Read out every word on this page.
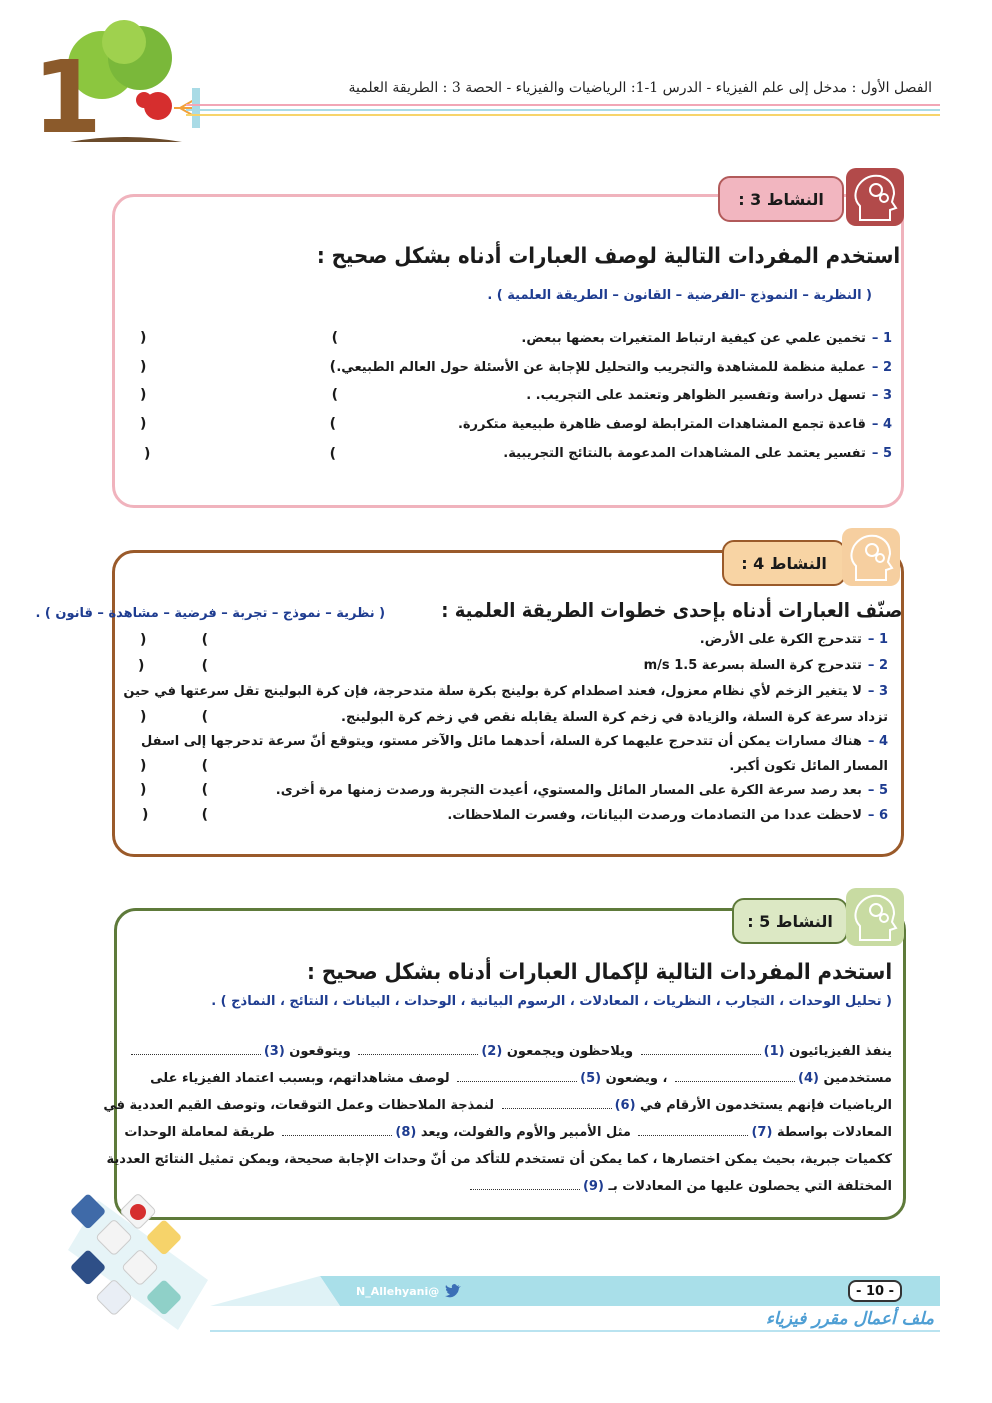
1	الفصل الأول : مدخل إلى علم الفيزياء - الدرس 1-1: الرياضيات والفيزياء - الحصة 3 : الطريقة العلمية
النشاط 3 :
استخدم المفردات التالية لوصف العبارات أدناه بشكل صحيح :
( النظرية – النموذج –الفرضية – القانون – الطريقة العلمية ) .
1 –تخمين علمي عن كيفية ارتباط المتغيرات بعضها ببعض.
2 –عملية منظمة للمشاهدة والتجريب والتحليل للإجابة عن الأسئلة حول العالم الطبيعي.
3 –تسهل دراسة وتفسير الظواهر وتعتمد على التجريب. .
4 –قاعدة تجمع المشاهدات المترابطة لوصف ظاهرة طبيعية متكررة.
5 –تفسير يعتمد على المشاهدات المدعومة بالنتائج التجريبية.
)
(
)
(
)
(
)
(
)
(
النشاط 4 :
صنّف العبارات أدناه بإحدى خطوات الطريقة العلمية : ( نظرية – نموذج – تجربة – فرضية – مشاهدة – قانون ) .
1 –تتدحرج الكرة على الأرض.
2 –تتدحرج كرة السلة بسرعة 1.5 m/s
3 –لا يتغير الزخم لأي نظام معزول، فعند اصطدام كرة بولينج بكرة سلة متدحرجة، فإن كرة البولينج تقل سرعتها في حين
تزداد سرعة كرة السلة، والزيادة في زخم كرة السلة يقابله نقص في زخم كرة البولينج.
4 –هناك مسارات يمكن أن تتدحرج عليهما كرة السلة، أحدهما مائل والآخر مستو، ويتوقع أنّ سرعة تدحرجها إلى اسفل
المسار المائل تكون أكبر.
5 –بعد رصد سرعة الكرة على المسار المائل والمستوي، أعيدت التجربة ورصدت زمنها مرة أخرى.
6 –لاحظت عددا من التصادمات ورصدت البيانات، وفسرت الملاحظات.
)
(
)
(
)
(
)
(
)
(
)
(
النشاط 5 :
استخدم المفردات التالية لإكمال العبارات أدناه بشكل صحيح :
( تحليل الوحدات ، التجارب ، النظريات ، المعادلات ، الرسوم البيانية ، الوحدات ، البيانات ، النتائج ، النماذج ) .
ينفذ الفيزيائيون (1) ويلاحظون ويجمعون (2) ويتوقعون (3)
مستخدمين (4) ، ويضعون (5) لوصف مشاهداتهم، وبسبب اعتماد الفيزياء على
الرياضيات فإنهم يستخدمون الأرقام في (6) لنمذجة الملاحظات وعمل التوقعات، وتوصف القيم العددية في
المعادلات بواسطة (7) مثل الأمبير والأوم والفولت، ويعد (8) طريقة لمعاملة الوحدات
ككميات جبرية، بحيث يمكن اختصارها ، كما يمكن أن تستخدم للتأكد من أنّ وحدات الإجابة صحيحة، ويمكن تمثيل النتائج العددية
المختلفة التي يحصلون عليها من المعادلات بـ (9)
@N_Allehyani	- 10 -
ملف أعمال مقرر فيزياء
